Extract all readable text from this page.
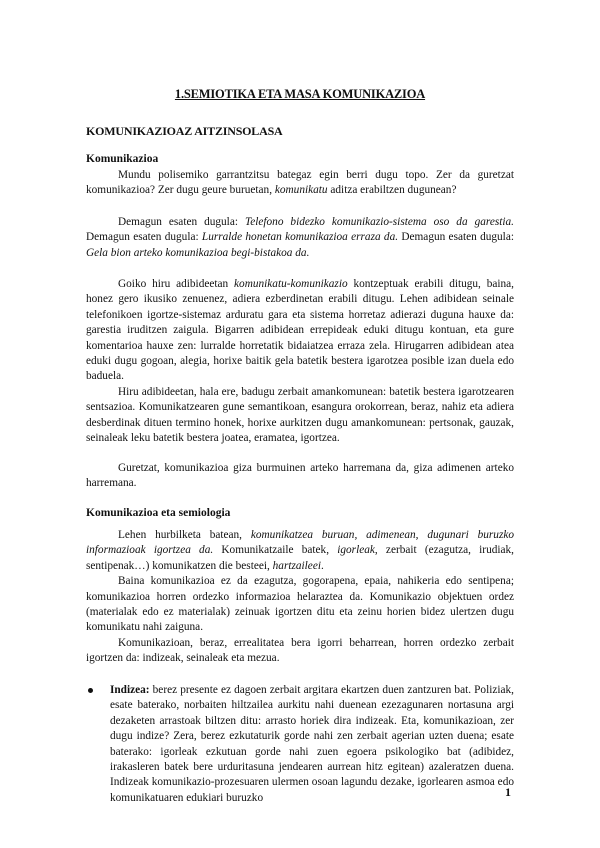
1.SEMIOTIKA ETA MASA KOMUNIKAZIOA
KOMUNIKAZIOAZ AITZINSOLASA
Komunikazioa

Mundu polisemiko garrantzitsu bategaz egin berri dugu topo. Zer da guretzat komunikazioa? Zer dugu geure buruetan, komunikatu aditza erabiltzen dugunean?

Demagun esaten dugula: Telefono bidezko komunikazio-sistema oso da garestia. Demagun esaten dugula: Lurralde honetan komunikazioa erraza da. Demagun esaten dugula: Gela bion arteko komunikazioa begi-bistakoa da.

Goiko hiru adibideetan komunikatu-komunikazio kontzeptuak erabili ditugu, baina, honez gero ikusiko zenuenez, adiera ezberdinetan erabili ditugu. Lehen adibidean seinale telefonikoen igortze-sistemaz arduratu gara eta sistema horretaz adierazi duguna hauxe da: garestia iruditzen zaigula. Bigarren adibidean errepideak eduki ditugu kontuan, eta gure komentarioa hauxe zen: lurralde horretatik bidaiatzea erraza zela. Hirugarren adibidean atea eduki dugu gogoan, alegia, horixe baitik gela batetik bestera igarotzea posible izan duela edo baduela.

Hiru adibideetan, hala ere, badugu zerbait amankomunean: batetik bestera igarotzearen sentsazioa. Komunikatzearen gune semantikoan, esangura orokorrean, beraz, nahiz eta adiera desberdinak dituen termino honek, horixe aurkitzen dugu amankomunean: pertsonak, gauzak, seinaleak leku batetik bestera joatea, eramatea, igortzea.

Guretzat, komunikazioa giza burmuinen arteko harremana da, giza adimenen arteko harremana.

Komunikazioa eta semiologia

Lehen hurbilketa batean, komunikatzea buruan, adimenean, dugunari buruzko informazioak igortzea da. Komunikatzaile batek, igorleak, zerbait (ezagutza, irudiak, sentipenak…) komunikatzen die besteei, hartzaileei.

Baina komunikazioa ez da ezagutza, gogorapena, epaia, nahikeria edo sentipena; komunikazioa horren ordezko informazioa helaraztea da. Komunikazio objektuen ordez (materialak edo ez materialak) zeinuak igortzen ditu eta zeinu horien bidez ulertzen dugu komunikatu nahi zaiguna.

Komunikazioan, beraz, errealitatea bera igorri beharrean, horren ordezko zerbait igortzen da: indizeak, seinaleak eta mezua.

Indizea: berez presente ez dagoen zerbait argitara ekartzen duen zantzuren bat. Poliziak, esate baterako, norbaiten hiltzailea aurkitu nahi duenean ezezagunaren nortasuna argi dezaketen arrastoak biltzen ditu: arrasto horiek dira indizeak. Eta, komunikazioan, zer dugu indize? Zera, berez ezkutaturik gorde nahi zen zerbait agerian uzten duena; esate baterako: igorleak ezkutuan gorde nahi zuen egoera psikologiko bat (adibidez, irakasleren batek bere urduritasuna jendearen aurrean hitz egitean) azaleratzen duena. Indizeak komunikazio-prozesuaren ulermen osoan lagundu dezake, igorlearen asmoa edo komunikatuaren edukiari buruzko	1
